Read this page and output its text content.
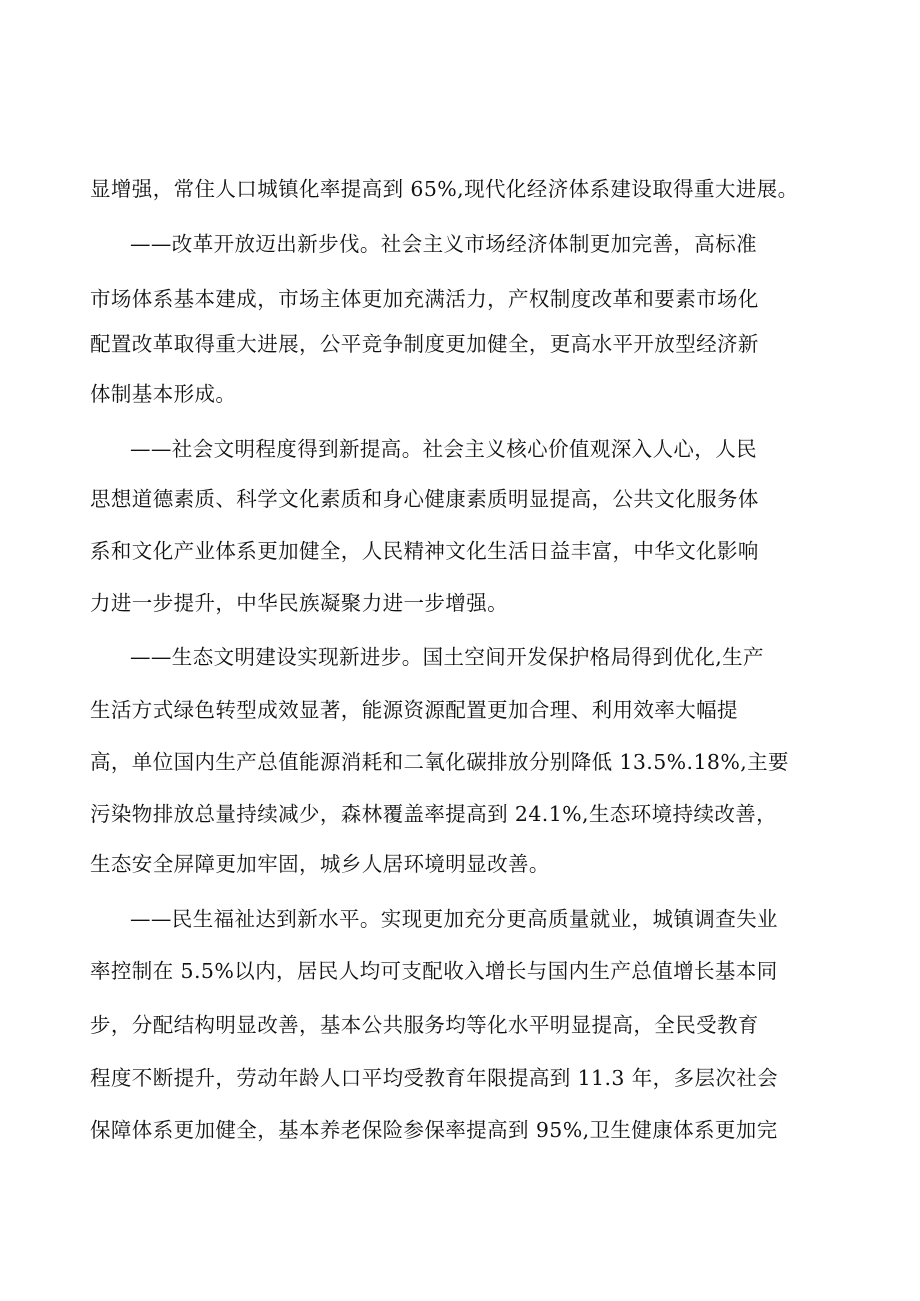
显增强，常住人口城镇化率提高到 65%,现代化经济体系建设取得重大进展。
——改革开放迈出新步伐。社会主义市场经济体制更加完善，高标准
市场体系基本建成，市场主体更加充满活力，产权制度改革和要素市场化
配置改革取得重大进展，公平竞争制度更加健全，更高水平开放型经济新
体制基本形成。
——社会文明程度得到新提高。社会主义核心价值观深入人心，人民
思想道德素质、科学文化素质和身心健康素质明显提高，公共文化服务体
系和文化产业体系更加健全，人民精神文化生活日益丰富，中华文化影响
力进一步提升，中华民族凝聚力进一步增强。
——生态文明建设实现新进步。国土空间开发保护格局得到优化,生产
生活方式绿色转型成效显著，能源资源配置更加合理、利用效率大幅提
高，单位国内生产总值能源消耗和二氧化碳排放分别降低 13.5%.18%,主要
污染物排放总量持续减少，森林覆盖率提高到 24.1%,生态环境持续改善，
生态安全屏障更加牢固，城乡人居环境明显改善。
——民生福祉达到新水平。实现更加充分更高质量就业，城镇调查失业
率控制在 5.5%以内，居民人均可支配收入增长与国内生产总值增长基本同
步，分配结构明显改善，基本公共服务均等化水平明显提高，全民受教育
程度不断提升，劳动年龄人口平均受教育年限提高到 11.3 年，多层次社会
保障体系更加健全，基本养老保险参保率提高到 95%,卫生健康体系更加完
